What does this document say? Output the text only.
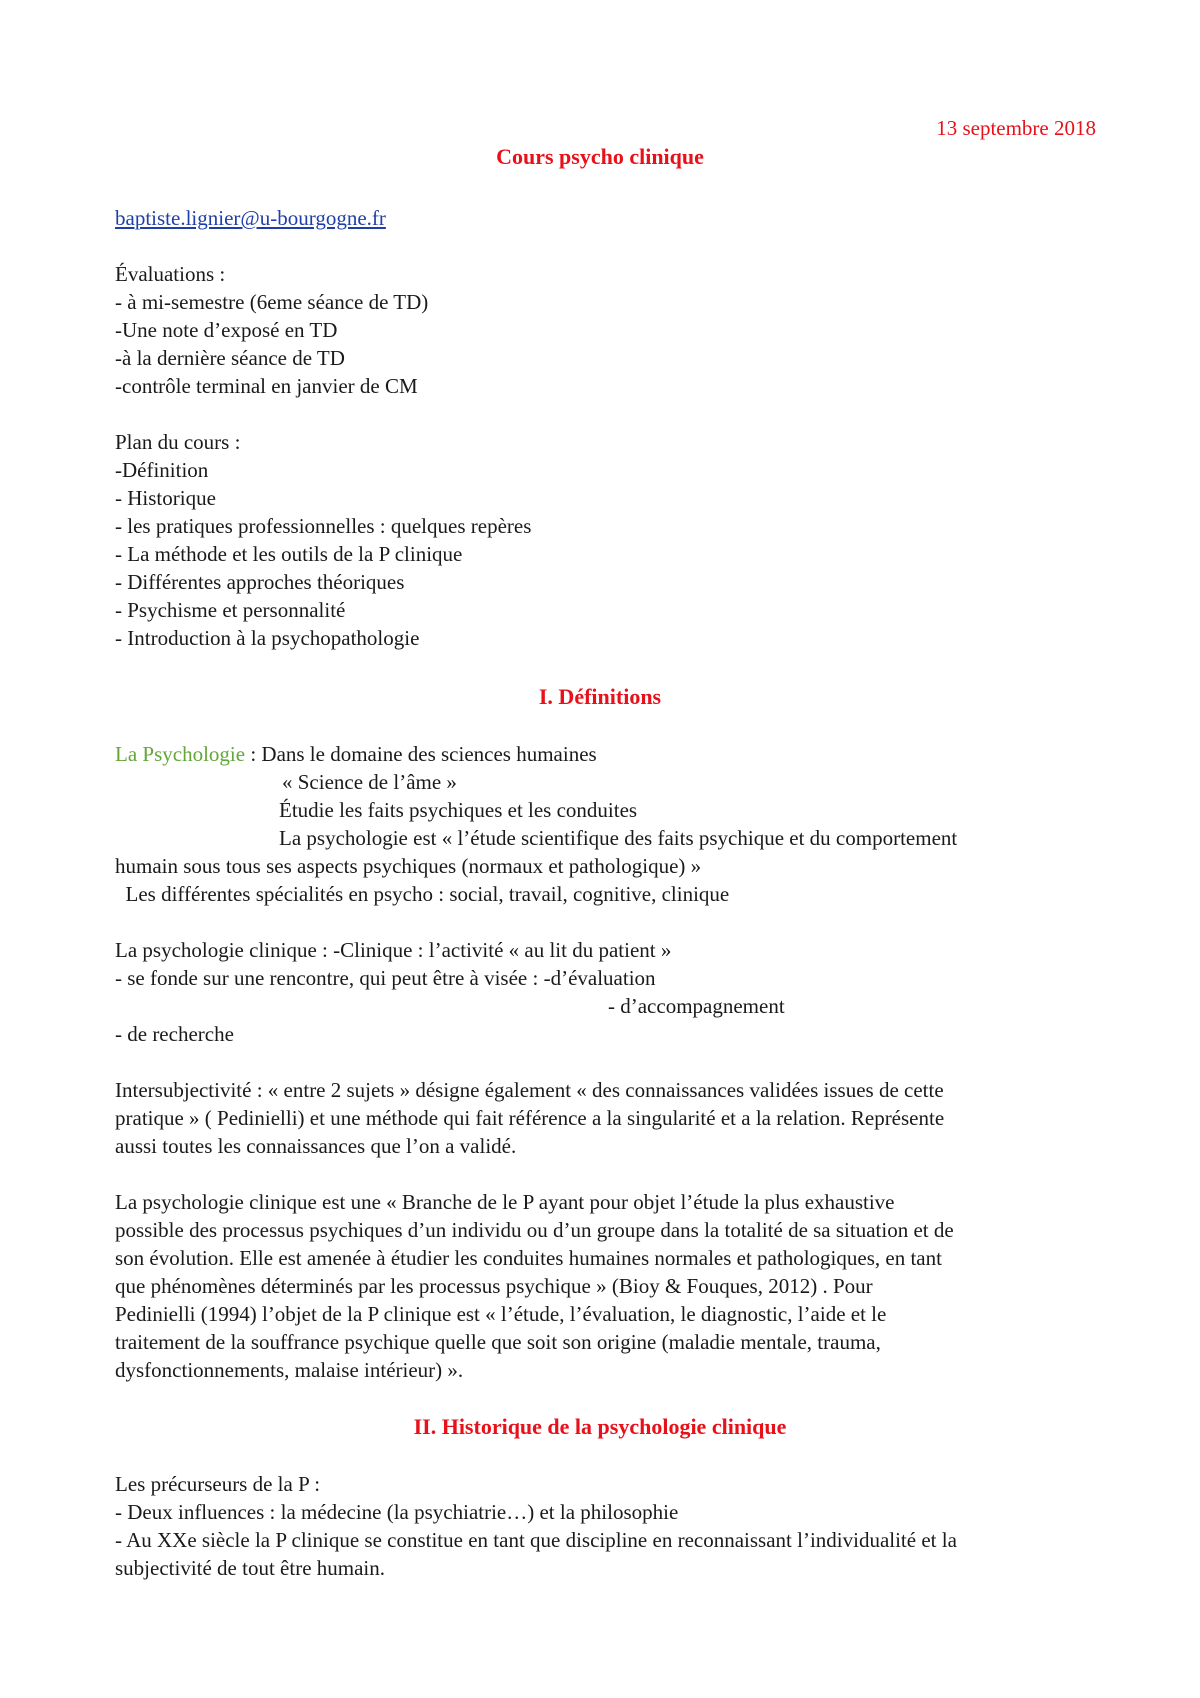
13 septembre 2018

Cours psycho clinique

baptiste.lignier@u-bourgogne.fr

Évaluations :

- à mi-semestre (6eme séance de TD)

-Une note d’exposé en TD

-à la dernière séance de TD

-contrôle terminal en janvier de CM

Plan du cours :

-Définition

- Historique

- les pratiques professionnelles : quelques repères

- La méthode et les outils de la P clinique

- Différentes approches théoriques

- Psychisme et personnalité

- Introduction à la psychopathologie

I. Définitions

La Psychologie : Dans le domaine des sciences humaines

« Science de l’âme »

Étudie les faits psychiques et les conduites

La psychologie est « l’étude scientifique des faits psychique et du comportement

humain sous tous ses aspects psychiques (normaux et pathologique) »

Les différentes spécialités en psycho : social, travail, cognitive, clinique

La psychologie clinique : -Clinique : l’activité « au lit du patient »

- se fonde sur une rencontre, qui peut être à visée : -d’évaluation

- d’accompagnement

- de recherche

Intersubjectivité : « entre 2 sujets » désigne également « des connaissances validées issues de cette

pratique » ( Pedinielli) et une méthode qui fait référence a la singularité et a la relation. Représente

aussi toutes les connaissances que l’on a validé.

La psychologie clinique est une « Branche de le P ayant pour objet l’étude la plus exhaustive

possible des processus psychiques d’un individu ou d’un groupe dans la totalité de sa situation et de

son évolution. Elle est amenée à étudier les conduites humaines normales et pathologiques, en tant

que phénomènes déterminés par les processus psychique » (Bioy & Fouques, 2012) . Pour

Pedinielli (1994) l’objet de la P clinique est « l’étude, l’évaluation, le diagnostic, l’aide et le

traitement de la souffrance psychique quelle que soit son origine (maladie mentale, trauma,

dysfonctionnements, malaise intérieur) ».

II. Historique de la psychologie clinique

Les précurseurs de la P :

- Deux influences : la médecine (la psychiatrie…) et la philosophie

- Au XXe siècle la P clinique se constitue en tant que discipline en reconnaissant l’individualité et la

subjectivité de tout être humain.
